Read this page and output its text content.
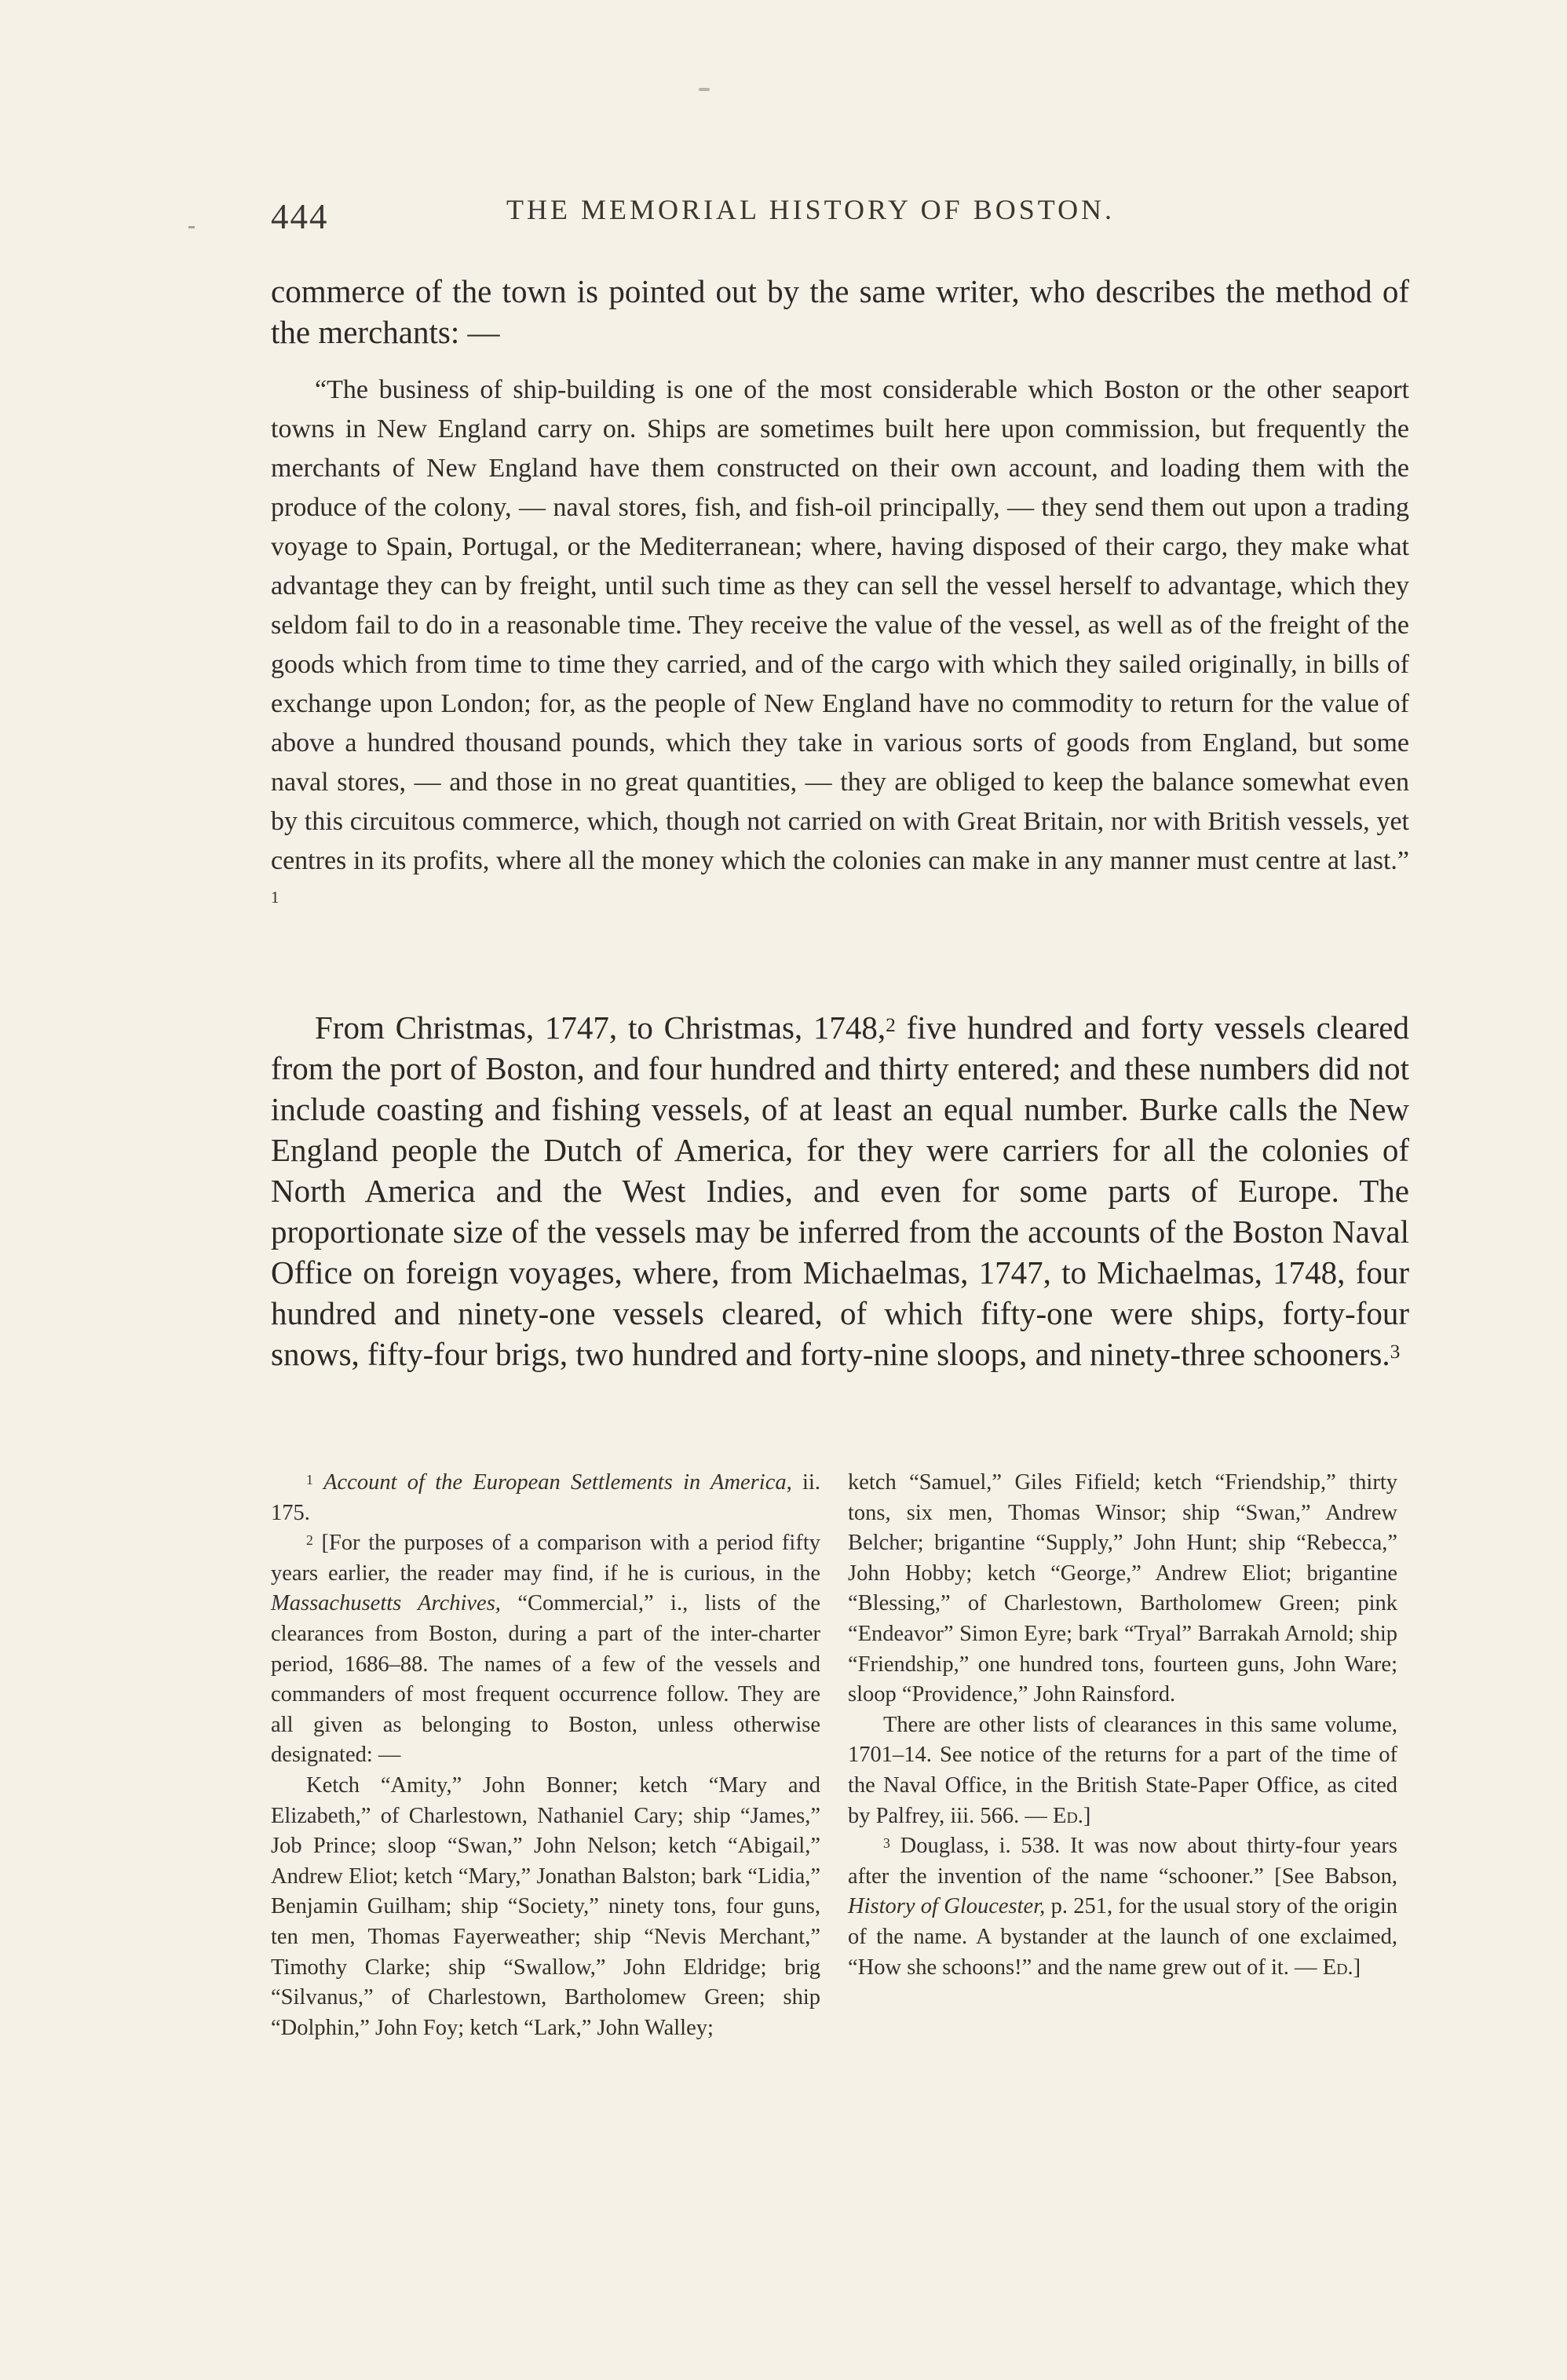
444	THE MEMORIAL HISTORY OF BOSTON.

commerce of the town is pointed out by the same writer, who describes the method of the merchants: —

“The business of ship-building is one of the most considerable which Boston or the other seaport towns in New England carry on. Ships are sometimes built here upon commission, but frequently the merchants of New England have them constructed on their own account, and loading them with the produce of the colony, — naval stores, fish, and fish-oil principally, — they send them out upon a trading voyage to Spain, Portugal, or the Mediterranean; where, having disposed of their cargo, they make what advantage they can by freight, until such time as they can sell the vessel herself to advantage, which they seldom fail to do in a reasonable time. They receive the value of the vessel, as well as of the freight of the goods which from time to time they carried, and of the cargo with which they sailed originally, in bills of exchange upon London; for, as the people of New England have no commodity to return for the value of above a hundred thousand pounds, which they take in various sorts of goods from England, but some naval stores, — and those in no great quantities, — they are obliged to keep the balance somewhat even by this circuitous commerce, which, though not carried on with Great Britain, nor with British vessels, yet centres in its profits, where all the money which the colonies can make in any manner must centre at last.” $^1$

From Christmas, 1747, to Christmas, 1748,$^2$ five hundred and forty vessels cleared from the port of Boston, and four hundred and thirty entered; and these numbers did not include coasting and fishing vessels, of at least an equal number. Burke calls the New England people the Dutch of America, for they were carriers for all the colonies of North America and the West Indies, and even for some parts of Europe. The proportionate size of the vessels may be inferred from the accounts of the Boston Naval Office on foreign voyages, where, from Michaelmas, 1747, to Michaelmas, 1748, four hundred and ninety-one vessels cleared, of which fifty-one were ships, forty-four snows, fifty-four brigs, two hundred and forty-nine sloops, and ninety-three schooners.$^3$

$^1$ Account of the European Settlements in America, ii. 175.

$^2$ [For the purposes of a comparison with a period fifty years earlier, the reader may find, if he is curious, in the Massachusetts Archives, “Commercial,” i., lists of the clearances from Boston, during a part of the inter-charter period, 1686–88. The names of a few of the vessels and commanders of most frequent occurrence follow. They are all given as belonging to Boston, unless otherwise designated: —

Ketch “Amity,” John Bonner; ketch “Mary and Elizabeth,” of Charlestown, Nathaniel Cary; ship “James,” Job Prince; sloop “Swan,” John Nelson; ketch “Abigail,” Andrew Eliot; ketch “Mary,” Jonathan Balston; bark “Lidia,” Benjamin Guilham; ship “Society,” ninety tons, four guns, ten men, Thomas Fayerweather; ship “Nevis Merchant,” Timothy Clarke; ship “Swallow,” John Eldridge; brig “Silvanus,” of Charlestown, Bartholomew Green; ship “Dolphin,” John Foy; ketch “Lark,” John Walley;

ketch “Samuel,” Giles Fifield; ketch “Friendship,” thirty tons, six men, Thomas Winsor; ship “Swan,” Andrew Belcher; brigantine “Supply,” John Hunt; ship “Rebecca,” John Hobby; ketch “George,” Andrew Eliot; brigantine “Blessing,” of Charlestown, Bartholomew Green; pink “Endeavor” Simon Eyre; bark “Tryal” Barrakah Arnold; ship “Friendship,” one hundred tons, fourteen guns, John Ware; sloop “Providence,” John Rainsford.

There are other lists of clearances in this same volume, 1701–14. See notice of the returns for a part of the time of the Naval Office, in the British State-Paper Office, as cited by Palfrey, iii. 566. — Ed.]

$^3$ Douglass, i. 538. It was now about thirty-four years after the invention of the name “schooner.” [See Babson, History of Gloucester, p. 251, for the usual story of the origin of the name. A bystander at the launch of one exclaimed, “How she schoons!” and the name grew out of it. — Ed.]
